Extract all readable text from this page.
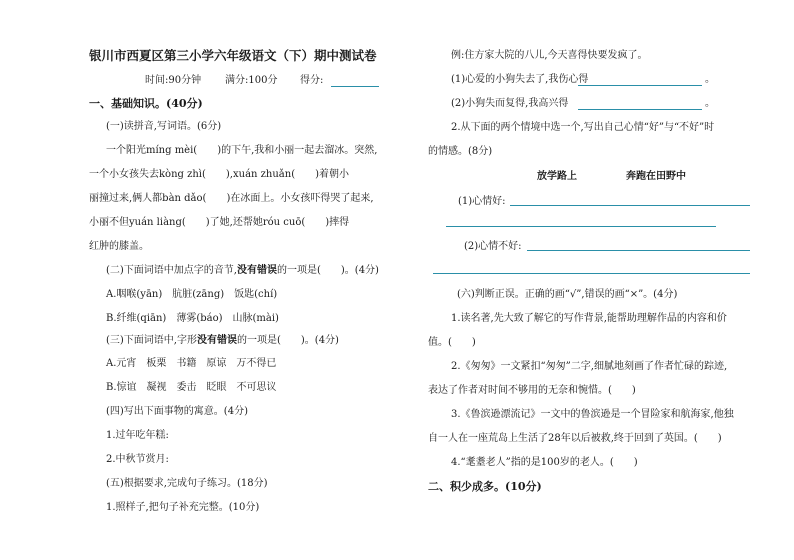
银川市西夏区第三小学六年级语文（下）期中测试卷
时间:90分钟 满分:100分 得分:
一、基础知识。(40分)
(一)读拼音,写词语。(6分)
一个阳光míng mèi(　　)的下午,我和小丽一起去溜冰。突然,
一个小女孩失去kòng zhì(　　),xuán zhuǎn(　　)着朝小
丽撞过来,俩人都bàn dǎo(　　)在冰面上。小女孩吓得哭了起来,
小丽不但yuán liàng(　　)了她,还帮她róu cuō(　　)摔得
红肿的膝盖。
(二)下面词语中加点字的音节,没有错误的一项是(　　)。(4分)
A.咽喉(yān)　肮脏(zāng)　饭匙(chí)
B.纤维(qiān)　薄雾(báo)　山脉(mài)
(三)下面词语中,字形没有错误的一项是(　　)。(4分)
A.元宵　板栗　书籍　原谅　万不得已
B.惊谊　凝视　委击　眨眼　不可思议
(四)写出下面事物的寓意。(4分)
1.过年吃年糕:
2.中秋节赏月:
(五)根据要求,完成句子练习。(18分)
1.照样子,把句子补充完整。(10分)
例:住方家大院的八儿,今天喜得快要发疯了。
(1)心爱的小狗失去了,我伤心得	。
(2)小狗失而复得,我高兴得	。
2.从下面的两个情境中选一个,写出自己心情“好”与“不好”时
的情感。(8分)
放学路上	奔跑在田野中
(1)心情好:
(2)心情不好:
(六)判断正误。正确的画“√”,错误的画“×”。(4分)
1.读名著,先大致了解它的写作背景,能帮助理解作品的内容和价
值。(　　)
2.《匆匆》一文紧扣“匆匆”二字,细腻地刻画了作者忙碌的踪迹,
表达了作者对时间不够用的无奈和惋惜。(　　)
3.《鲁滨逊漂流记》一文中的鲁滨逊是一个冒险家和航海家,他独
自一人在一座荒岛上生活了28年以后被救,终于回到了英国。(　　)
4.“耄耋老人”指的是100岁的老人。(　　)
二、积少成多。(10分)
